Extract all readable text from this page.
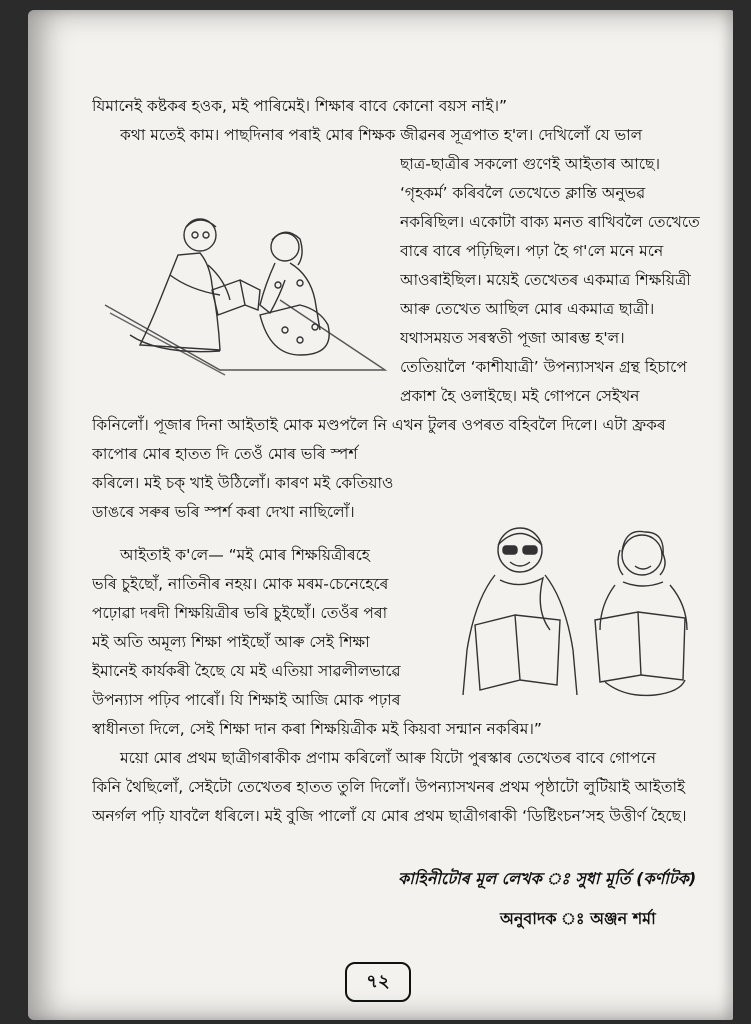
যিমানেই কষ্টকৰ হওক, মই পাৰিমেই। শিক্ষাৰ বাবে কোনো বয়স নাই।”
কথা মতেই কাম। পাছদিনাৰ পৰাই মোৰ শিক্ষক জীৱনৰ সূত্ৰপাত হ'ল। দেখিলোঁ যে ভাল
ছাত্ৰ-ছাত্ৰীৰ সকলো গুণেই আইতাৰ আছে।
‘গৃহকৰ্ম’ কৰিবলৈ তেখেতে ক্লান্তি অনুভৱ
নকৰিছিল। একোটা বাক্য মনত ৰাখিবলৈ তেখেতে
বাৰে বাৰে পঢ়িছিল। পঢ়া হৈ গ'লে মনে মনে
আওৰাইছিল। ময়েই তেখেতৰ একমাত্ৰ শিক্ষয়িত্ৰী
আৰু তেখেত আছিল মোৰ একমাত্ৰ ছাত্ৰী।
যথাসময়ত সৰস্বতী পূজা আৰম্ভ হ'ল।
তেতিয়ালৈ ‘কাশীযাত্ৰী’ উপন্যাসখন গ্ৰন্থ হিচাপে
প্ৰকাশ হৈ ওলাইছে। মই গোপনে সেইখন
কিনিলোঁ। পূজাৰ দিনা আইতাই মোক মণ্ডপলৈ নি এখন টুলৰ ওপৰত বহিবলৈ দিলে। এটা ফ্ৰকৰ
কাপোৰ মোৰ হাতত দি তেওঁ মোৰ ভৰি স্পৰ্শ
কৰিলে। মই চক্ খাই উঠিলোঁ। কাৰণ মই কেতিয়াও
ডাঙৰে সৰুৰ ভৰি স্পৰ্শ কৰা দেখা নাছিলোঁ।
আইতাই ক'লে— “মই মোৰ শিক্ষয়িত্ৰীৰহে
ভৰি চুইছোঁ, নাতিনীৰ নহয়। মোক মৰম-চেনেহেৰে
পঢ়োৱা দৰদী শিক্ষয়িত্ৰীৰ ভৰি চুইছোঁ। তেওঁৰ পৰা
মই অতি অমূল্য শিক্ষা পাইছোঁ আৰু সেই শিক্ষা
ইমানেই কাৰ্যকৰী হৈছে যে মই এতিয়া সাৱলীলভাৱে
উপন্যাস পঢ়িব পাৰোঁ। যি শিক্ষাই আজি মোক পঢ়াৰ
স্বাধীনতা দিলে, সেই শিক্ষা দান কৰা শিক্ষয়িত্ৰীক মই কিয়বা সন্মান নকৰিম।”
ময়ো মোৰ প্ৰথম ছাত্ৰীগৰাকীক প্ৰণাম কৰিলোঁ আৰু যিটো পুৰস্কাৰ তেখেতৰ বাবে গোপনে
কিনি থৈছিলোঁ, সেইটো তেখেতৰ হাতত তুলি দিলোঁ। উপন্যাসখনৰ প্ৰথম পৃষ্ঠাটো লুটিয়াই আইতাই
অনৰ্গল পঢ়ি যাবলৈ ধৰিলে। মই বুজি পালোঁ যে মোৰ প্ৰথম ছাত্ৰীগৰাকী ‘ডিষ্টিংচন’সহ উত্তীৰ্ণ হৈছে।
কাহিনীটোৰ মূল লেখক ঃ সুধা মূৰ্তি (কৰ্ণাটক)
অনুবাদক ঃ অঞ্জন শৰ্মা
৭২
